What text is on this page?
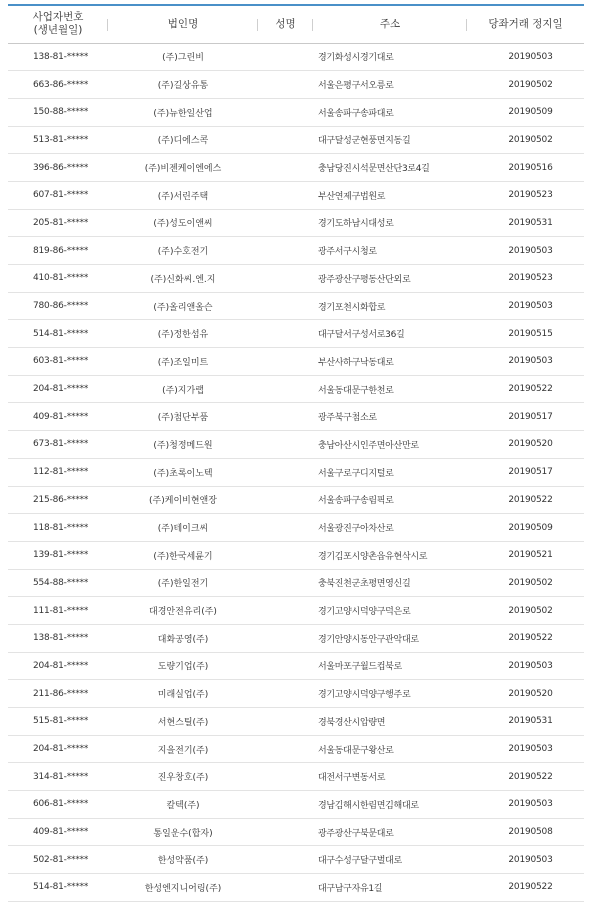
사업자번호
(생년월일)	법인명	성명	주소	당좌거래 정지일
138-81-*****	(주)그린비		경기화성시경기대로	20190503
663-86-*****	(주)길상유통		서울은평구서오릉로	20190502
150-88-*****	(주)뉴한일산업		서울송파구송파대로	20190509
513-81-*****	(주)디에스콕		대구달성군현풍면지동길	20190502
396-86-*****	(주)비젠케이엔에스		충남당진시석문면산단3로4길	20190516
607-81-*****	(주)서린주택		부산연제구법원로	20190523
205-81-*****	(주)성도이앤씨		경기도하남시대성로	20190531
819-86-*****	(주)수호전기		광주서구시청로	20190503
410-81-*****	(주)신화씨.엔.지		광주광산구평동산단외로	20190523
780-86-*****	(주)올리앤올슨		경기포천시화합로	20190503
514-81-*****	(주)정한섬유		대구달서구성서로36길	20190515
603-81-*****	(주)조일미트		부산사하구낙동대로	20190503
204-81-*****	(주)지가랩		서울동대문구한천로	20190522
409-81-*****	(주)첨단부품		광주북구첨소로	20190517
673-81-*****	(주)청정메드원		충남아산시인주면아산만로	20190520
112-81-*****	(주)초록이노텍		서울구로구디지털로	20190517
215-86-*****	(주)케이비현앤장		서울송파구송림픽로	20190522
118-81-*****	(주)테이크씨		서울광진구아차산로	20190509
139-81-*****	(주)한국세륜기		경기김포시양촌읍유현삭시로	20190521
554-88-*****	(주)한일전기		충북진천군초평면영신길	20190502
111-81-*****	대경안전유리(주)		경기고양시덕양구덕은로	20190502
138-81-*****	대화공영(주)		경기안양시동안구관악대로	20190522
204-81-*****	도량기업(주)		서울마포구월드컵북로	20190503
211-86-*****	미래실업(주)		경기고양시덕양구행주로	20190520
515-81-*****	서현스틸(주)		경북경산시압량면	20190531
204-81-*****	지을전기(주)		서울동대문구왕산로	20190503
314-81-*****	진우창호(주)		대전서구변동서로	20190522
606-81-*****	칼텍(주)		경남김해시한림면김해대로	20190503
409-81-*****	통일운수(합자)		광주광산구북문대로	20190508
502-81-*****	한성약품(주)		대구수성구달구벌대로	20190503
514-81-*****	한성엔지니어링(주)		대구남구자유1길	20190522
